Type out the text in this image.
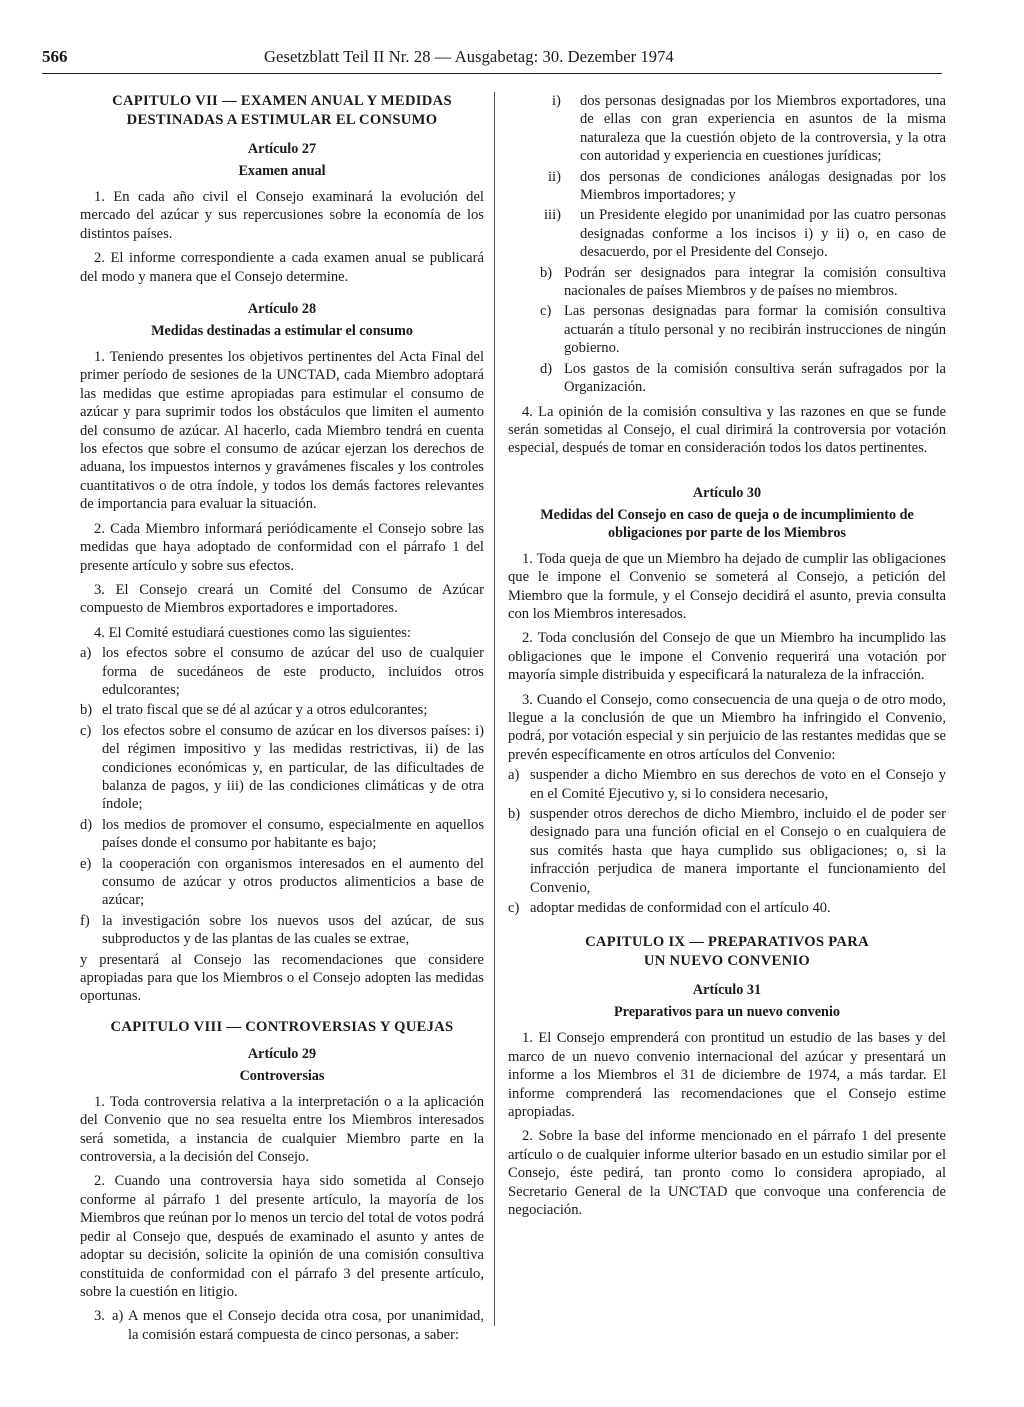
566	Gesetzblatt Teil II Nr. 28 — Ausgabetag: 30. Dezember 1974
CAPITULO VII — EXAMEN ANUAL Y MEDIDAS DESTINADAS A ESTIMULAR EL CONSUMO
Artículo 27
Examen anual

1. En cada año civil el Consejo examinará la evolución del mercado del azúcar y sus repercusiones sobre la economía de los distintos países.

2. El informe correspondiente a cada examen anual se publicará del modo y manera que el Consejo determine.

Artículo 28
Medidas destinadas a estimular el consumo

1. Teniendo presentes los objetivos pertinentes del Acta Final del primer período de sesiones de la UNCTAD, cada Miembro adoptará las medidas que estime apropiadas para estimular el consumo de azúcar y para suprimir todos los obstáculos que limiten el aumento del consumo de azúcar. Al hacerlo, cada Miembro tendrá en cuenta los efectos que sobre el consumo de azúcar ejerzan los derechos de aduana, los impuestos internos y gravámenes fiscales y los controles cuantitativos o de otra índole, y todos los demás factores relevantes de importancia para evaluar la situación.

2. Cada Miembro informará periódicamente el Consejo sobre las medidas que haya adoptado de conformidad con el párrafo 1 del presente artículo y sobre sus efectos.

3. El Consejo creará un Comité del Consumo de Azúcar compuesto de Miembros exportadores e importadores.

4. El Comité estudiará cuestiones como las siguientes:

a) los efectos sobre el consumo de azúcar del uso de cualquier forma de sucedáneos de este producto, incluidos otros edulcorantes;
b) el trato fiscal que se dé al azúcar y a otros edulcorantes;
c) los efectos sobre el consumo de azúcar en los diversos países: i) del régimen impositivo y las medidas restrictivas, ii) de las condiciones económicas y, en particular, de las dificultades de balanza de pagos, y iii) de las condiciones climáticas y de otra índole;
d) los medios de promover el consumo, especialmente en aquellos países donde el consumo por habitante es bajo;
e) la cooperación con organismos interesados en el aumento del consumo de azúcar y otros productos alimenticios a base de azúcar;
f) la investigación sobre los nuevos usos del azúcar, de sus subproductos y de las plantas de las cuales se extrae,

y presentará al Consejo las recomendaciones que considere apropiadas para que los Miembros o el Consejo adopten las medidas oportunas.

CAPITULO VIII — CONTROVERSIAS Y QUEJAS
Artículo 29
Controversias

1. Toda controversia relativa a la interpretación o a la aplicación del Convenio que no sea resuelta entre los Miembros interesados será sometida, a instancia de cualquier Miembro parte en la controversia, a la decisión del Consejo.

2. Cuando una controversia haya sido sometida al Consejo conforme al párrafo 1 del presente artículo, la mayoría de los Miembros que reúnan por lo menos un tercio del total de votos podrá pedir al Consejo que, después de examinado el asunto y antes de adoptar su decisión, solicite la opinión de una comisión consultiva constituida de conformidad con el párrafo 3 del presente artículo, sobre la cuestión en litigio.

3. a) A menos que el Consejo decida otra cosa, por unanimidad, la comisión estará compuesta de cinco personas, a saber:
i) dos personas designadas por los Miembros exportadores, una de ellas con gran experiencia en asuntos de la misma naturaleza que la cuestión objeto de la controversia, y la otra con autoridad y experiencia en cuestiones jurídicas;
ii) dos personas de condiciones análogas designadas por los Miembros importadores; y
iii) un Presidente elegido por unanimidad por las cuatro personas designadas conforme a los incisos i) y ii) o, en caso de desacuerdo, por el Presidente del Consejo.
b) Podrán ser designados para integrar la comisión consultiva nacionales de países Miembros y de países no miembros.
c) Las personas designadas para formar la comisión consultiva actuarán a título personal y no recibirán instrucciones de ningún gobierno.
d) Los gastos de la comisión consultiva serán sufragados por la Organización.

4. La opinión de la comisión consultiva y las razones en que se funde serán sometidas al Consejo, el cual dirimirá la controversia por votación especial, después de tomar en consideración todos los datos pertinentes.

Artículo 30
Medidas del Consejo en caso de queja o de incumplimiento de obligaciones por parte de los Miembros

1. Toda queja de que un Miembro ha dejado de cumplir las obligaciones que le impone el Convenio se someterá al Consejo, a petición del Miembro que la formule, y el Consejo decidirá el asunto, previa consulta con los Miembros interesados.

2. Toda conclusión del Consejo de que un Miembro ha incumplido las obligaciones que le impone el Convenio requerirá una votación por mayoría simple distribuida y especificará la naturaleza de la infracción.

3. Cuando el Consejo, como consecuencia de una queja o de otro modo, llegue a la conclusión de que un Miembro ha infringido el Convenio, podrá, por votación especial y sin perjuicio de las restantes medidas que se prevén específicamente en otros artículos del Convenio:

a) suspender a dicho Miembro en sus derechos de voto en el Consejo y en el Comité Ejecutivo y, si lo considera necesario,
b) suspender otros derechos de dicho Miembro, incluido el de poder ser designado para una función oficial en el Consejo o en cualquiera de sus comités hasta que haya cumplido sus obligaciones; o, si la infracción perjudica de manera importante el funcionamiento del Convenio,
c) adoptar medidas de conformidad con el artículo 40.
CAPITULO IX — PREPARATIVOS PARA UN NUEVO CONVENIO
Artículo 31
Preparativos para un nuevo convenio

1. El Consejo emprenderá con prontitud un estudio de las bases y del marco de un nuevo convenio internacional del azúcar y presentará un informe a los Miembros el 31 de diciembre de 1974, a más tardar. El informe comprenderá las recomendaciones que el Consejo estime apropiadas.

2. Sobre la base del informe mencionado en el párrafo 1 del presente artículo o de cualquier informe ulterior basado en un estudio similar por el Consejo, éste pedirá, tan pronto como lo considera apropiado, al Secretario General de la UNCTAD que convoque una conferencia de negociación.
